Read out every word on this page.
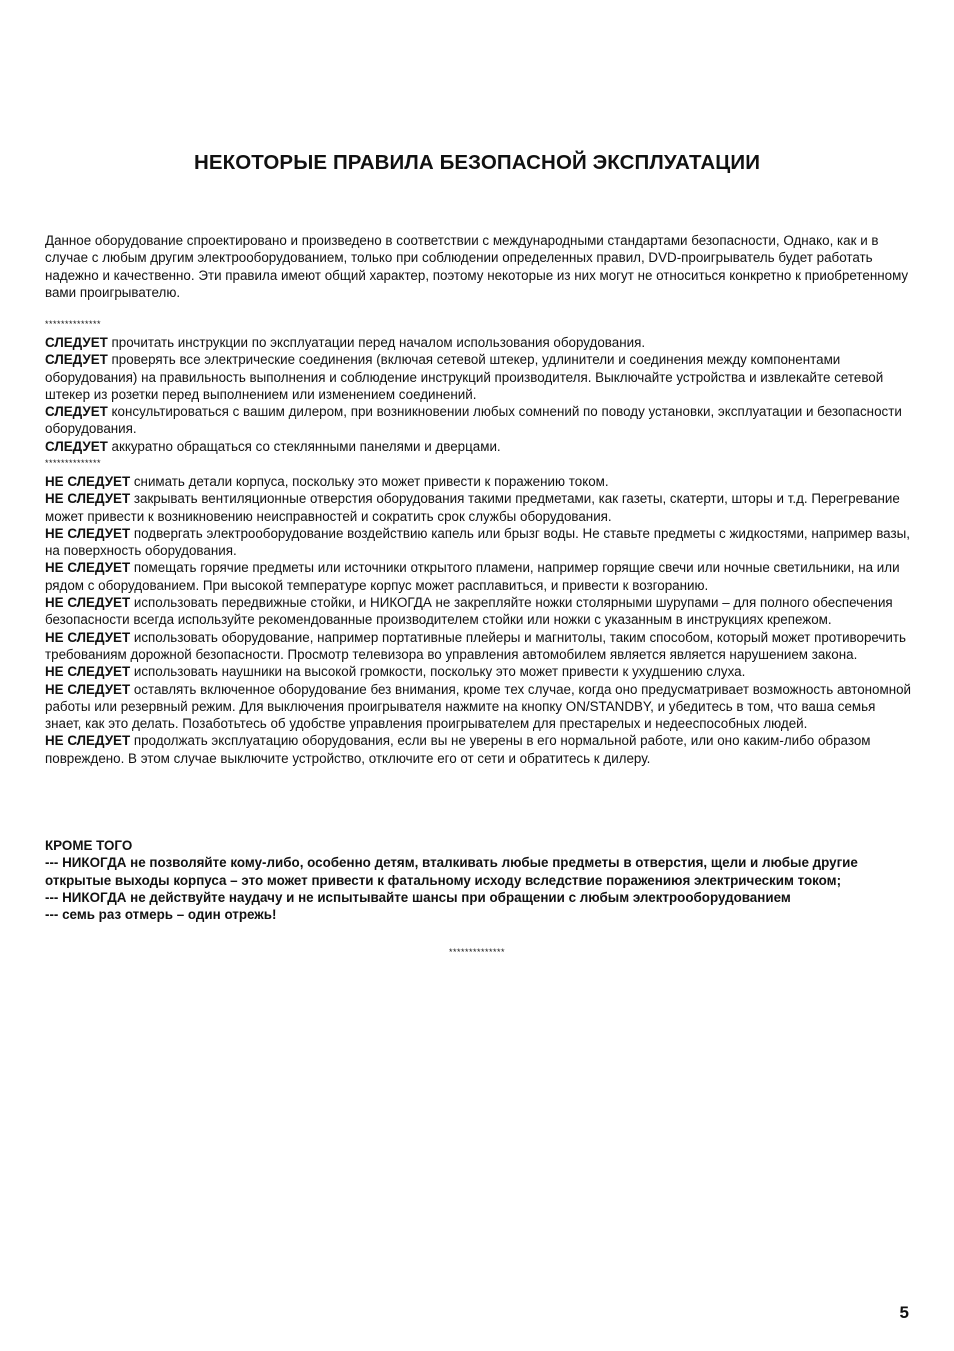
НЕКОТОРЫЕ ПРАВИЛА БЕЗОПАСНОЙ ЭКСПЛУАТАЦИИ

Данное оборудование спроектировано и произведено в соответствии с международными стандартами безопасности, Однако, как и в случае с любым другим электрооборудованием, только при соблюдении определенных правил, DVD-проигрыватель будет работать надежно и качественно. Эти правила имеют общий характер, поэтому некоторые из них могут не относиться конкретно к приобретенному вами проигрывателю.

**************

СЛЕДУЕТ прочитать инструкции по эксплуатации перед началом использования оборудования.

СЛЕДУЕТ проверять все электрические соединения (включая сетевой штекер, удлинители и соединения между компонентами оборудования) на правильность выполнения и соблюдение инструкций производителя. Выключайте устройства и извлекайте сетевой штекер из розетки перед выполнением или изменением соединений.

СЛЕДУЕТ консультироваться с вашим дилером, при возникновении любых сомнений по поводу установки, эксплуатации и безопасности оборудования.

СЛЕДУЕТ аккуратно обращаться со стеклянными панелями и дверцами.

**************

НЕ СЛЕДУЕТ снимать детали корпуса, поскольку это может привести к поражению током.

НЕ СЛЕДУЕТ закрывать вентиляционные отверстия оборудования такими предметами, как газеты, скатерти, шторы и т.д. Перегревание может привести к возникновению неисправностей и сократить срок службы оборудования.

НЕ СЛЕДУЕТ подвергать электрооборудование воздействию капель или брызг воды. Не ставьте предметы с жидкостями, например вазы, на поверхность оборудования.

НЕ СЛЕДУЕТ помещать горячие предметы или источники открытого пламени, например горящие свечи или ночные светильники, на или рядом с оборудованием. При высокой температуре корпус может расплавиться, и привести к возгоранию.

НЕ СЛЕДУЕТ использовать передвижные стойки, и НИКОГДА не закрепляйте ножки столярными шурупами – для полного обеспечения безопасности всегда используйте рекомендованные производителем стойки или ножки с указанным в инструкциях крепежом.

НЕ СЛЕДУЕТ использовать оборудование, например портативные плейеры и магнитолы, таким способом, который может противоречить требованиям дорожной безопасности. Просмотр телевизора во управления автомобилем является является нарушением закона.

НЕ СЛЕДУЕТ использовать наушники на высокой громкости, поскольку это может привести к ухудшению слуха.

НЕ СЛЕДУЕТ оставлять включенное оборудование без внимания, кроме тех случае, когда оно предусматривает возможность автономной работы или резервный режим. Для выключения проигрывателя нажмите на кнопку ON/STANDBY, и убедитесь в том, что ваша семья знает, как это делать. Позаботьтесь об удобстве управления проигрывателем для престарелых и недееспособных людей.

НЕ СЛЕДУЕТ продолжать эксплуатацию оборудования, если вы не уверены в его нормальной работе, или оно каким-либо образом повреждено. В этом случае выключите устройство, отключите его от сети и обратитесь к дилеру.

КРОМЕ ТОГО

--- НИКОГДА не позволяйте кому-либо, особенно детям, вталкивать любые предметы в отверстия, щели и любые другие открытые выходы корпуса – это может привести к фатальному исходу вследствие поражениюя электрическим током;

--- НИКОГДА не действуйте наудачу и не испытывайте шансы при обращении с любым электрооборудованием

--- семь раз отмерь – один отрежь!

**************
5
